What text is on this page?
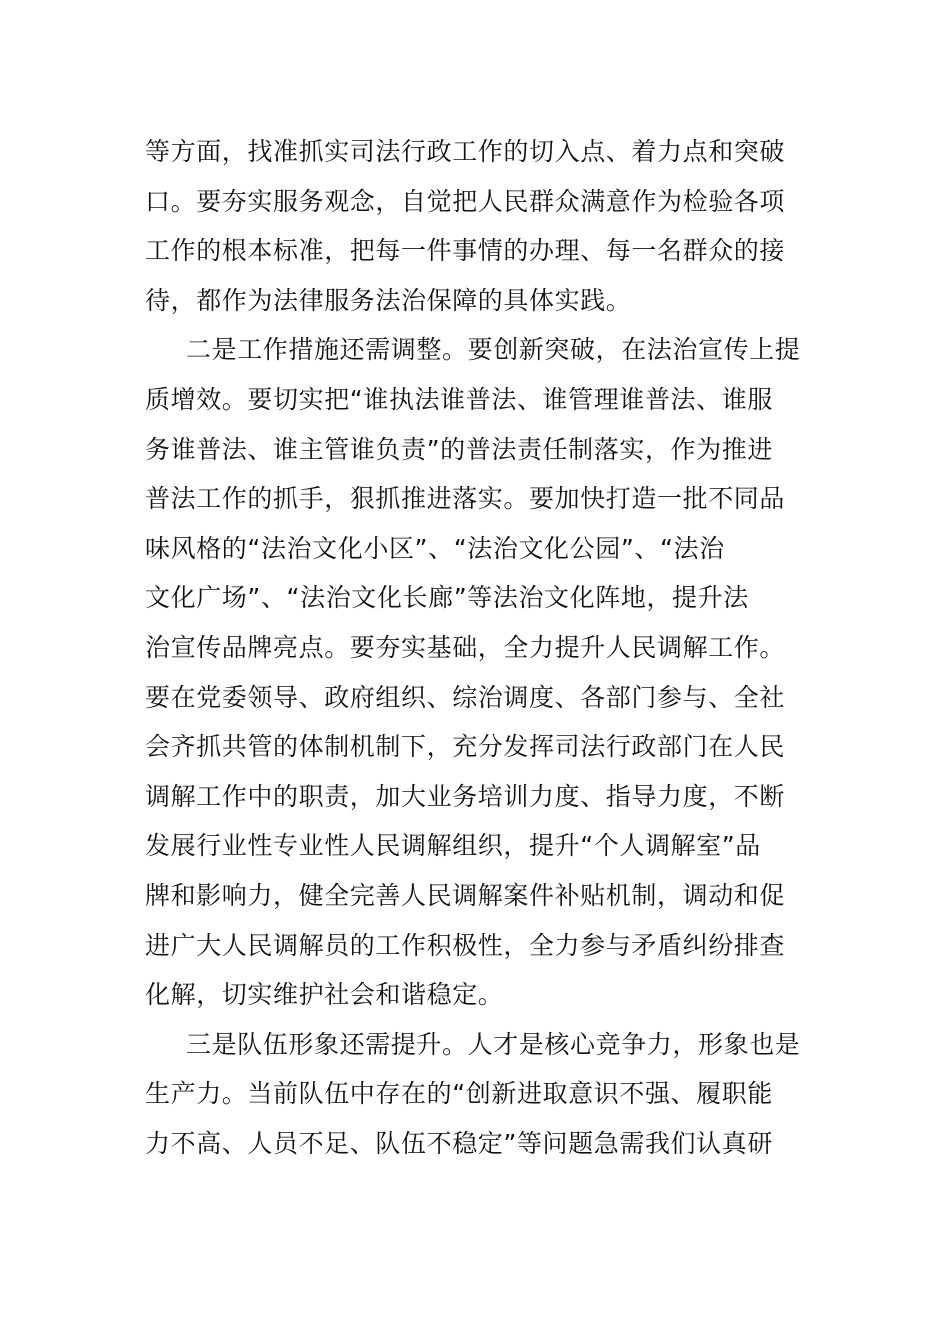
等方面，找准抓实司法行政工作的切入点、着力点和突破
口。要夯实服务观念，自觉把人民群众满意作为检验各项
工作的根本标准，把每一件事情的办理、每一名群众的接
待，都作为法律服务法治保障的具体实践。
二是工作措施还需调整。要创新突破，在法治宣传上提
质增效。要切实把“谁执法谁普法、谁管理谁普法、谁服
务谁普法、谁主管谁负责”的普法责任制落实，作为推进
普法工作的抓手，狠抓推进落实。要加快打造一批不同品
味风格的“法治文化小区”、“法治文化公园”、“法治
文化广场”、“法治文化长廊”等法治文化阵地，提升法
治宣传品牌亮点。要夯实基础，全力提升人民调解工作。
要在党委领导、政府组织、综治调度、各部门参与、全社
会齐抓共管的体制机制下，充分发挥司法行政部门在人民
调解工作中的职责，加大业务培训力度、指导力度，不断
发展行业性专业性人民调解组织，提升“个人调解室”品
牌和影响力，健全完善人民调解案件补贴机制，调动和促
进广大人民调解员的工作积极性，全力参与矛盾纠纷排查
化解，切实维护社会和谐稳定。
三是队伍形象还需提升。人才是核心竞争力，形象也是
生产力。当前队伍中存在的“创新进取意识不强、履职能
力不高、人员不足、队伍不稳定”等问题急需我们认真研
